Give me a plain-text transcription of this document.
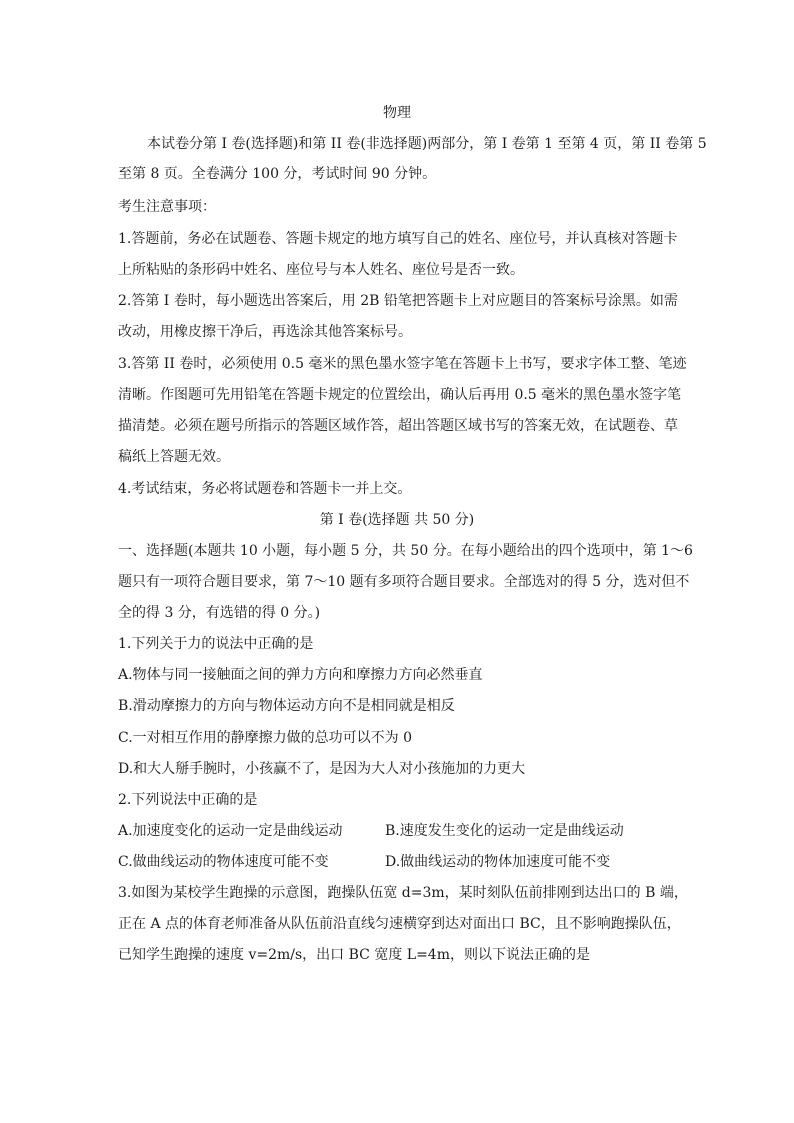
物理
本试卷分第 I 卷(选择题)和第 II 卷(非选择题)两部分，第 I 卷第 1 至第 4 页，第 II 卷第 5
至第 8 页。全卷满分 100 分，考试时间 90 分钟。
考生注意事项：
1.答题前，务必在试题卷、答题卡规定的地方填写自己的姓名、座位号，并认真核对答题卡
上所粘贴的条形码中姓名、座位号与本人姓名、座位号是否一致。
2.答第 I 卷时，每小题选出答案后，用 2B 铅笔把答题卡上对应题目的答案标号涂黑。如需
改动，用橡皮擦干净后，再选涂其他答案标号。
3.答第 II 卷时，必须使用 0.5 毫米的黑色墨水签字笔在答题卡上书写，要求字体工整、笔迹
清晰。作图题可先用铅笔在答题卡规定的位置绘出，确认后再用 0.5 毫米的黑色墨水签字笔
描清楚。必须在题号所指示的答题区域作答，超出答题区域书写的答案无效，在试题卷、草
稿纸上答题无效。
4.考试结束，务必将试题卷和答题卡一并上交。
第 I 卷(选择题 共 50 分)
一、选择题(本题共 10 小题，每小题 5 分，共 50 分。在每小题给出的四个选项中，第 1～6
题只有一项符合题目要求，第 7～10 题有多项符合题目要求。全部选对的得 5 分，选对但不
全的得 3 分，有选错的得 0 分。)
1.下列关于力的说法中正确的是
A.物体与同一接触面之间的弹力方向和摩擦力方向必然垂直
B.滑动摩擦力的方向与物体运动方向不是相同就是相反
C.一对相互作用的静摩擦力做的总功可以不为 0
D.和大人掰手腕时，小孩赢不了，是因为大人对小孩施加的力更大
2.下列说法中正确的是
A.加速度变化的运动一定是曲线运动	B.速度发生变化的运动一定是曲线运动
C.做曲线运动的物体速度可能不变	D.做曲线运动的物体加速度可能不变
3.如图为某校学生跑操的示意图，跑操队伍宽 d=3m，某时刻队伍前排刚到达出口的 B 端，
正在 A 点的体育老师准备从队伍前沿直线匀速横穿到达对面出口 BC，且不影响跑操队伍，
已知学生跑操的速度 v=2m/s，出口 BC 宽度 L=4m，则以下说法正确的是
